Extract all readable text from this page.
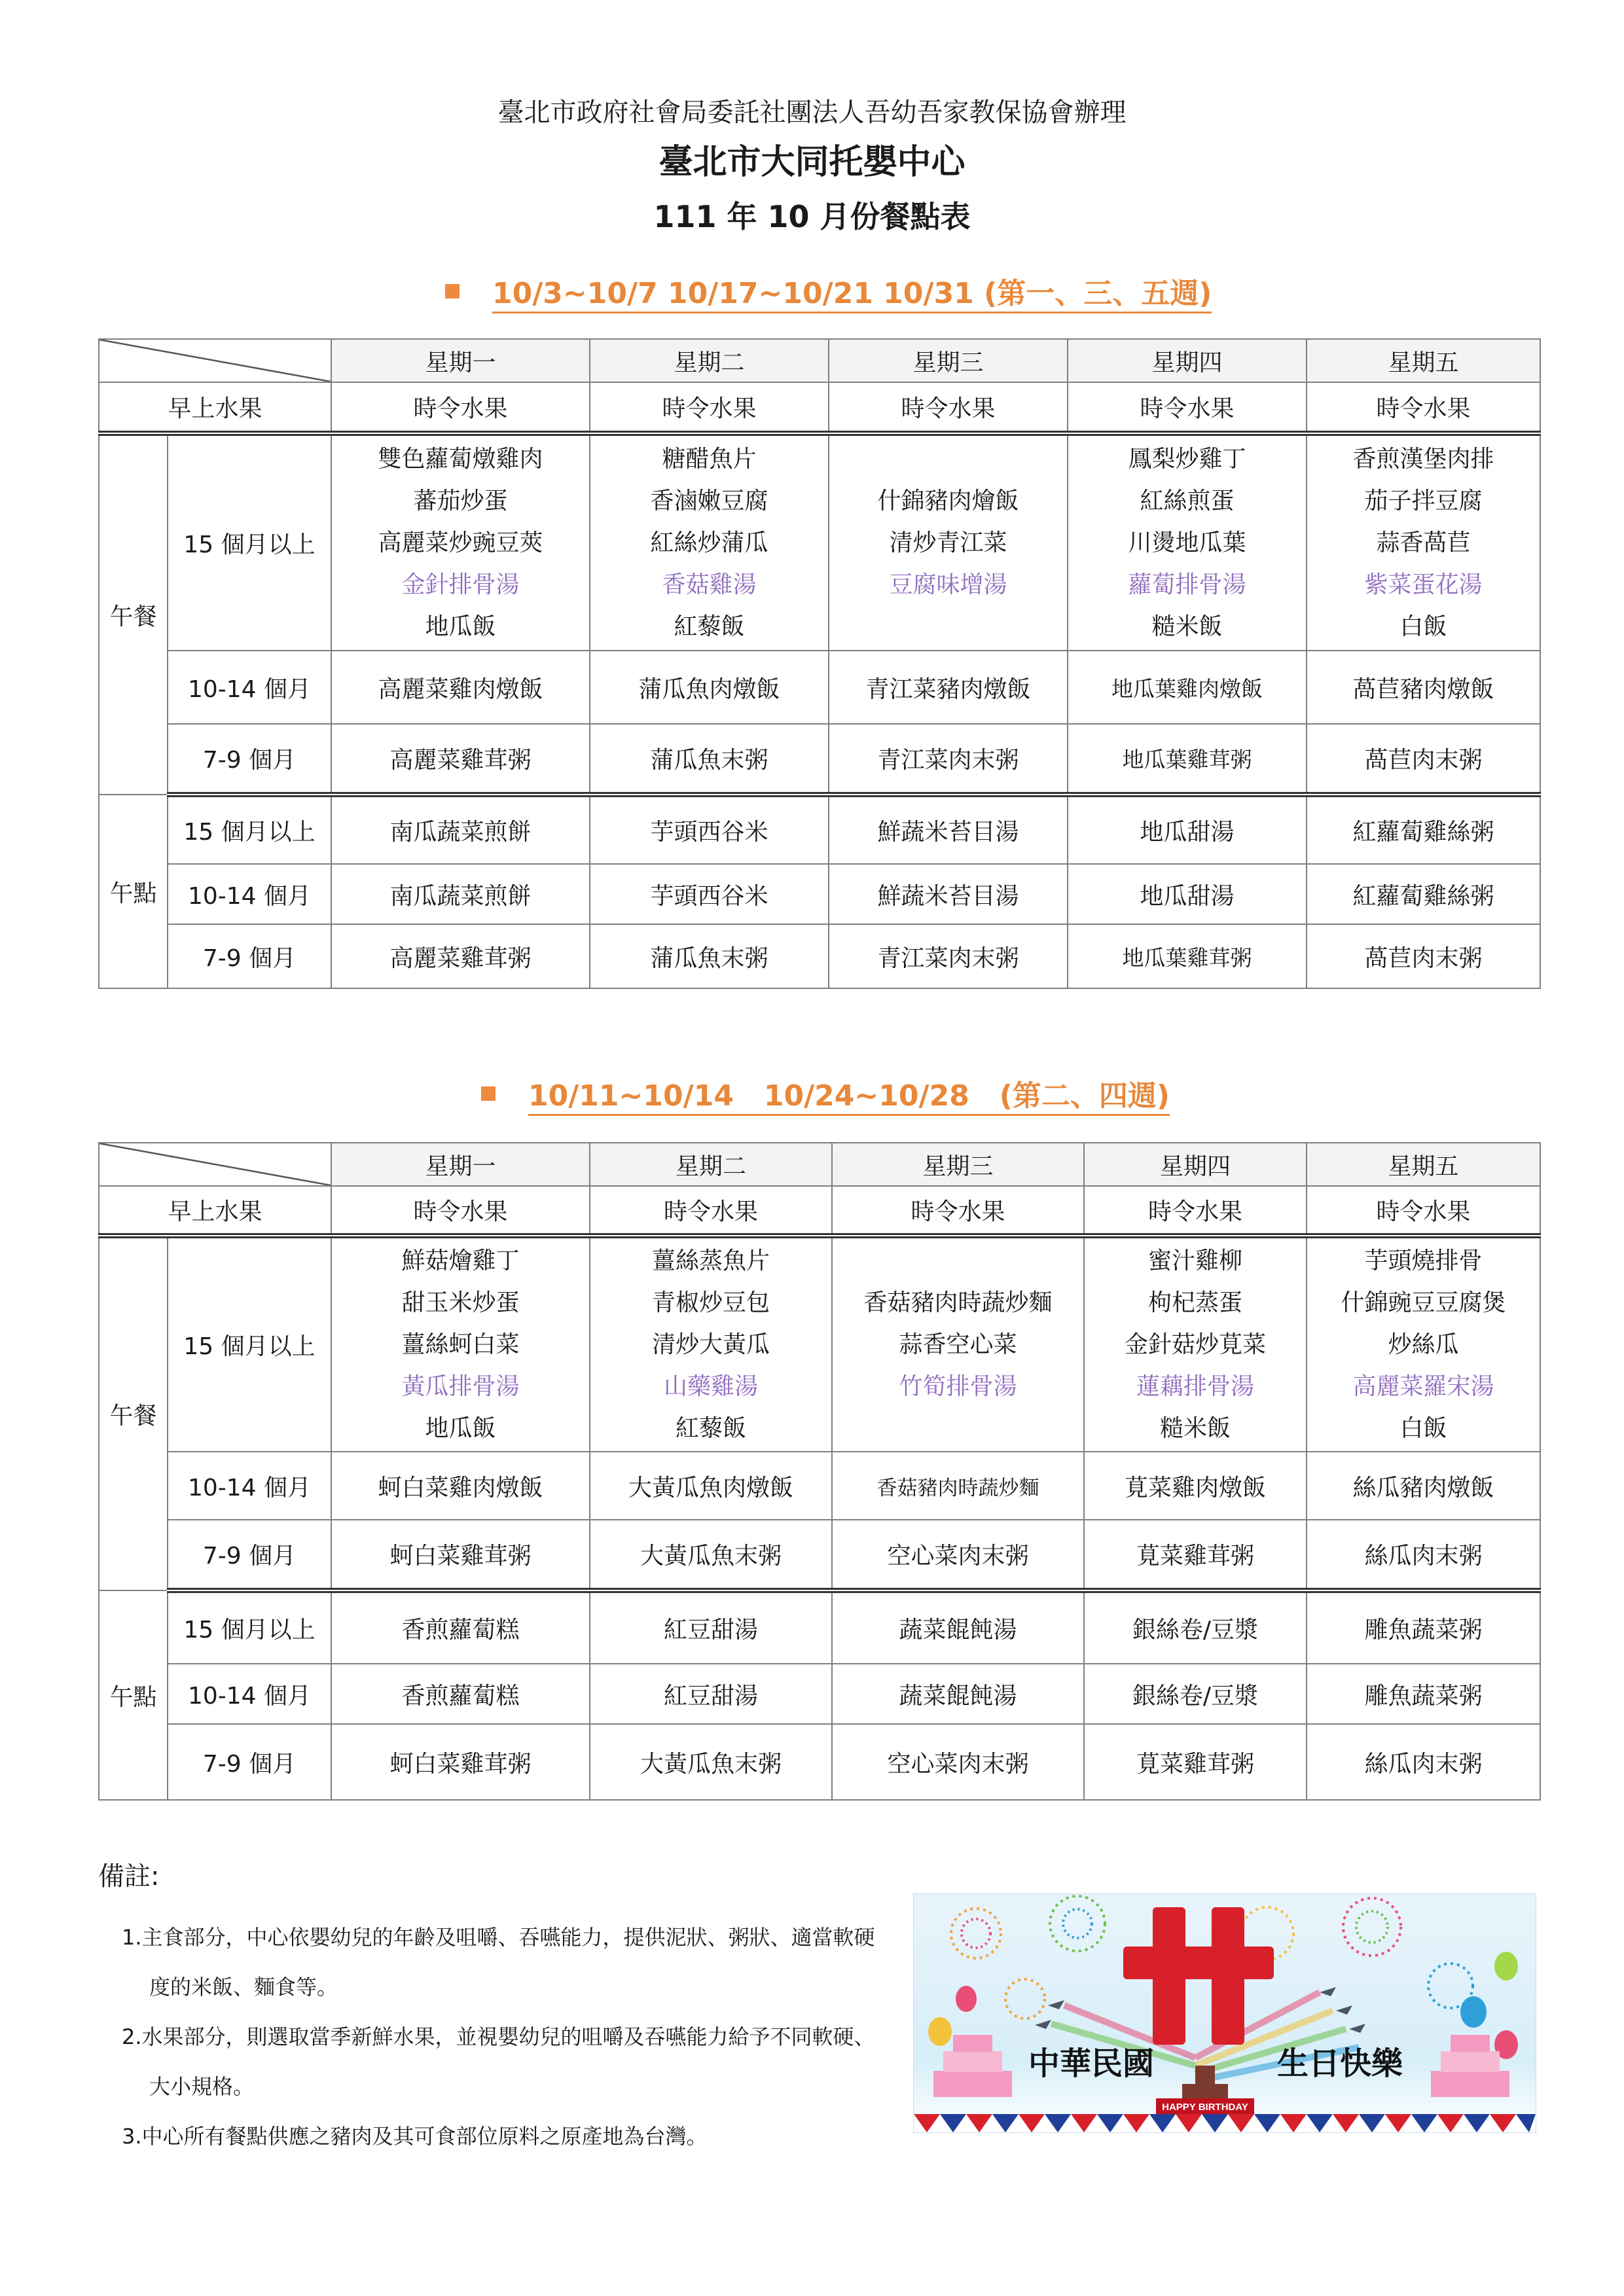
臺北市政府社會局委託社團法人吾幼吾家教保協會辦理
臺北市大同托嬰中心
111 年 10 月份餐點表
10/3~10/7 10/17~10/21 10/31 (第一、三、五週)
		星期一	星期二	星期三	星期四	星期五
早上水果		時令水果	時令水果	時令水果	時令水果	時令水果
午餐	15 個月以上	雙色蘿蔔燉雞肉
蕃茄炒蛋
高麗菜炒豌豆莢
金針排骨湯
地瓜飯	糖醋魚片
香滷嫩豆腐
紅絲炒蒲瓜
香菇雞湯
紅藜飯	什錦豬肉燴飯
清炒青江菜
豆腐味增湯	鳳梨炒雞丁
紅絲煎蛋
川燙地瓜葉
蘿蔔排骨湯
糙米飯	香煎漢堡肉排
茄子拌豆腐
蒜香萵苣
紫菜蛋花湯
白飯

	10-14 個月	高麗菜雞肉燉飯	蒲瓜魚肉燉飯	青江菜豬肉燉飯	地瓜葉雞肉燉飯	萵苣豬肉燉飯
	7-9 個月	高麗菜雞茸粥	蒲瓜魚末粥	青江菜肉末粥	地瓜葉雞茸粥	萵苣肉末粥
午點	15 個月以上	南瓜蔬菜煎餅	芋頭西谷米	鮮蔬米苔目湯	地瓜甜湯	紅蘿蔔雞絲粥
	10-14 個月	南瓜蔬菜煎餅	芋頭西谷米	鮮蔬米苔目湯	地瓜甜湯	紅蘿蔔雞絲粥
	7-9 個月	高麗菜雞茸粥	蒲瓜魚末粥	青江菜肉末粥	地瓜葉雞茸粥	萵苣肉末粥
10/11~10/14   10/24~10/28   (第二、四週)
		星期一	星期二	星期三	星期四	星期五
早上水果		時令水果	時令水果	時令水果	時令水果	時令水果
午餐	15 個月以上	鮮菇燴雞丁
甜玉米炒蛋
薑絲蚵白菜
黃瓜排骨湯
地瓜飯	薑絲蒸魚片
青椒炒豆包
清炒大黃瓜
山藥雞湯
紅藜飯	香菇豬肉時蔬炒麵
蒜香空心菜
竹筍排骨湯	蜜汁雞柳
枸杞蒸蛋
金針菇炒莧菜
蓮藕排骨湯
糙米飯	芋頭燒排骨
什錦豌豆豆腐煲
炒絲瓜
高麗菜羅宋湯
白飯

	10-14 個月	蚵白菜雞肉燉飯	大黃瓜魚肉燉飯	香菇豬肉時蔬炒麵	莧菜雞肉燉飯	絲瓜豬肉燉飯
	7-9 個月	蚵白菜雞茸粥	大黃瓜魚末粥	空心菜肉末粥	莧菜雞茸粥	絲瓜肉末粥
午點	15 個月以上	香煎蘿蔔糕	紅豆甜湯	蔬菜餛飩湯	銀絲卷/豆漿	雕魚蔬菜粥
	10-14 個月	香煎蘿蔔糕	紅豆甜湯	蔬菜餛飩湯	銀絲卷/豆漿	雕魚蔬菜粥
	7-9 個月	蚵白菜雞茸粥	大黃瓜魚末粥	空心菜肉末粥	莧菜雞茸粥	絲瓜肉末粥
備註:
1.主食部分，中心依嬰幼兒的年齡及咀嚼、吞嚥能力，提供泥狀、粥狀、適當軟硬
度的米飯、麵食等。
2.水果部分，則選取當季新鮮水果，並視嬰幼兒的咀嚼及吞嚥能力給予不同軟硬、
大小規格。
3.中心所有餐點供應之豬肉及其可食部位原料之原產地為台灣。
中華民國	生日快樂
HAPPY BIRTHDAY
